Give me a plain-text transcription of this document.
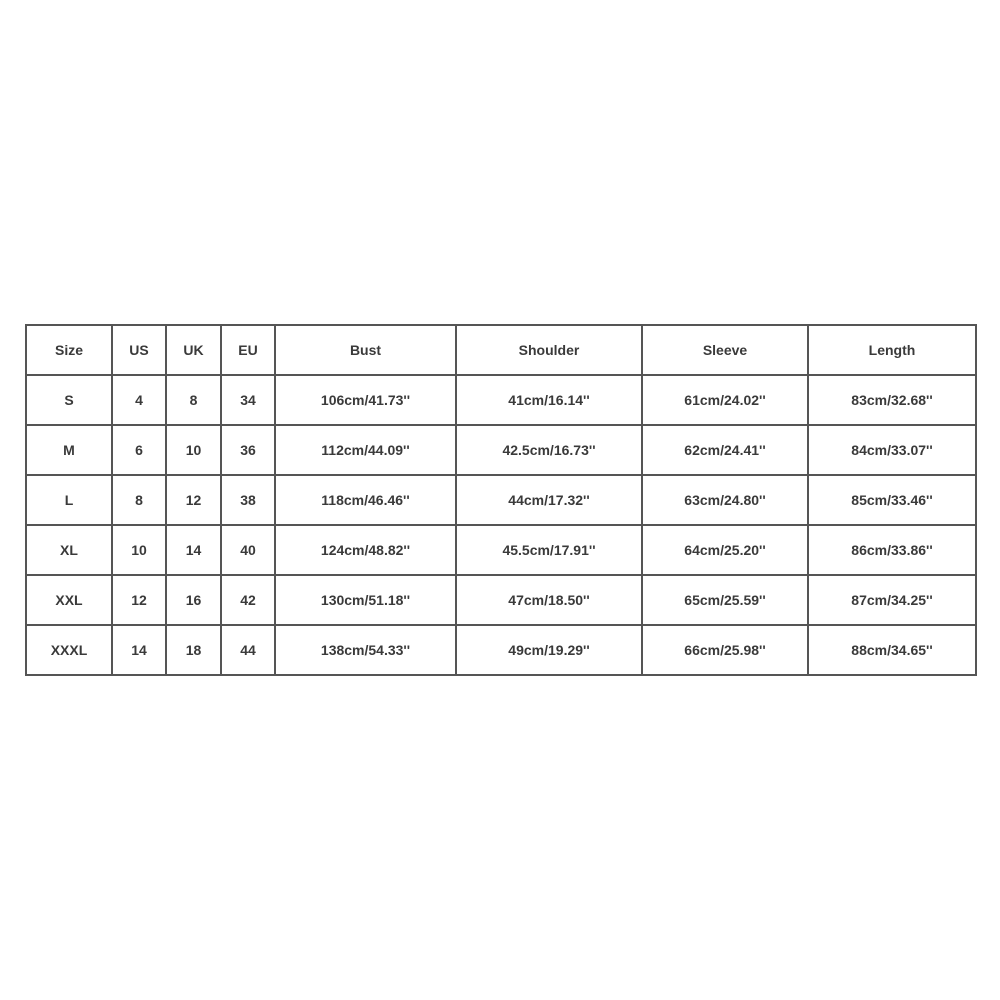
Size	US	UK	EU	Bust	Shoulder	Sleeve	Length
S	4	8	34	106cm/41.73''	41cm/16.14''	61cm/24.02''	83cm/32.68''
M	6	10	36	112cm/44.09''	42.5cm/16.73''	62cm/24.41''	84cm/33.07''
L	8	12	38	118cm/46.46''	44cm/17.32''	63cm/24.80''	85cm/33.46''
XL	10	14	40	124cm/48.82''	45.5cm/17.91''	64cm/25.20''	86cm/33.86''
XXL	12	16	42	130cm/51.18''	47cm/18.50''	65cm/25.59''	87cm/34.25''
XXXL	14	18	44	138cm/54.33''	49cm/19.29''	66cm/25.98''	88cm/34.65''
